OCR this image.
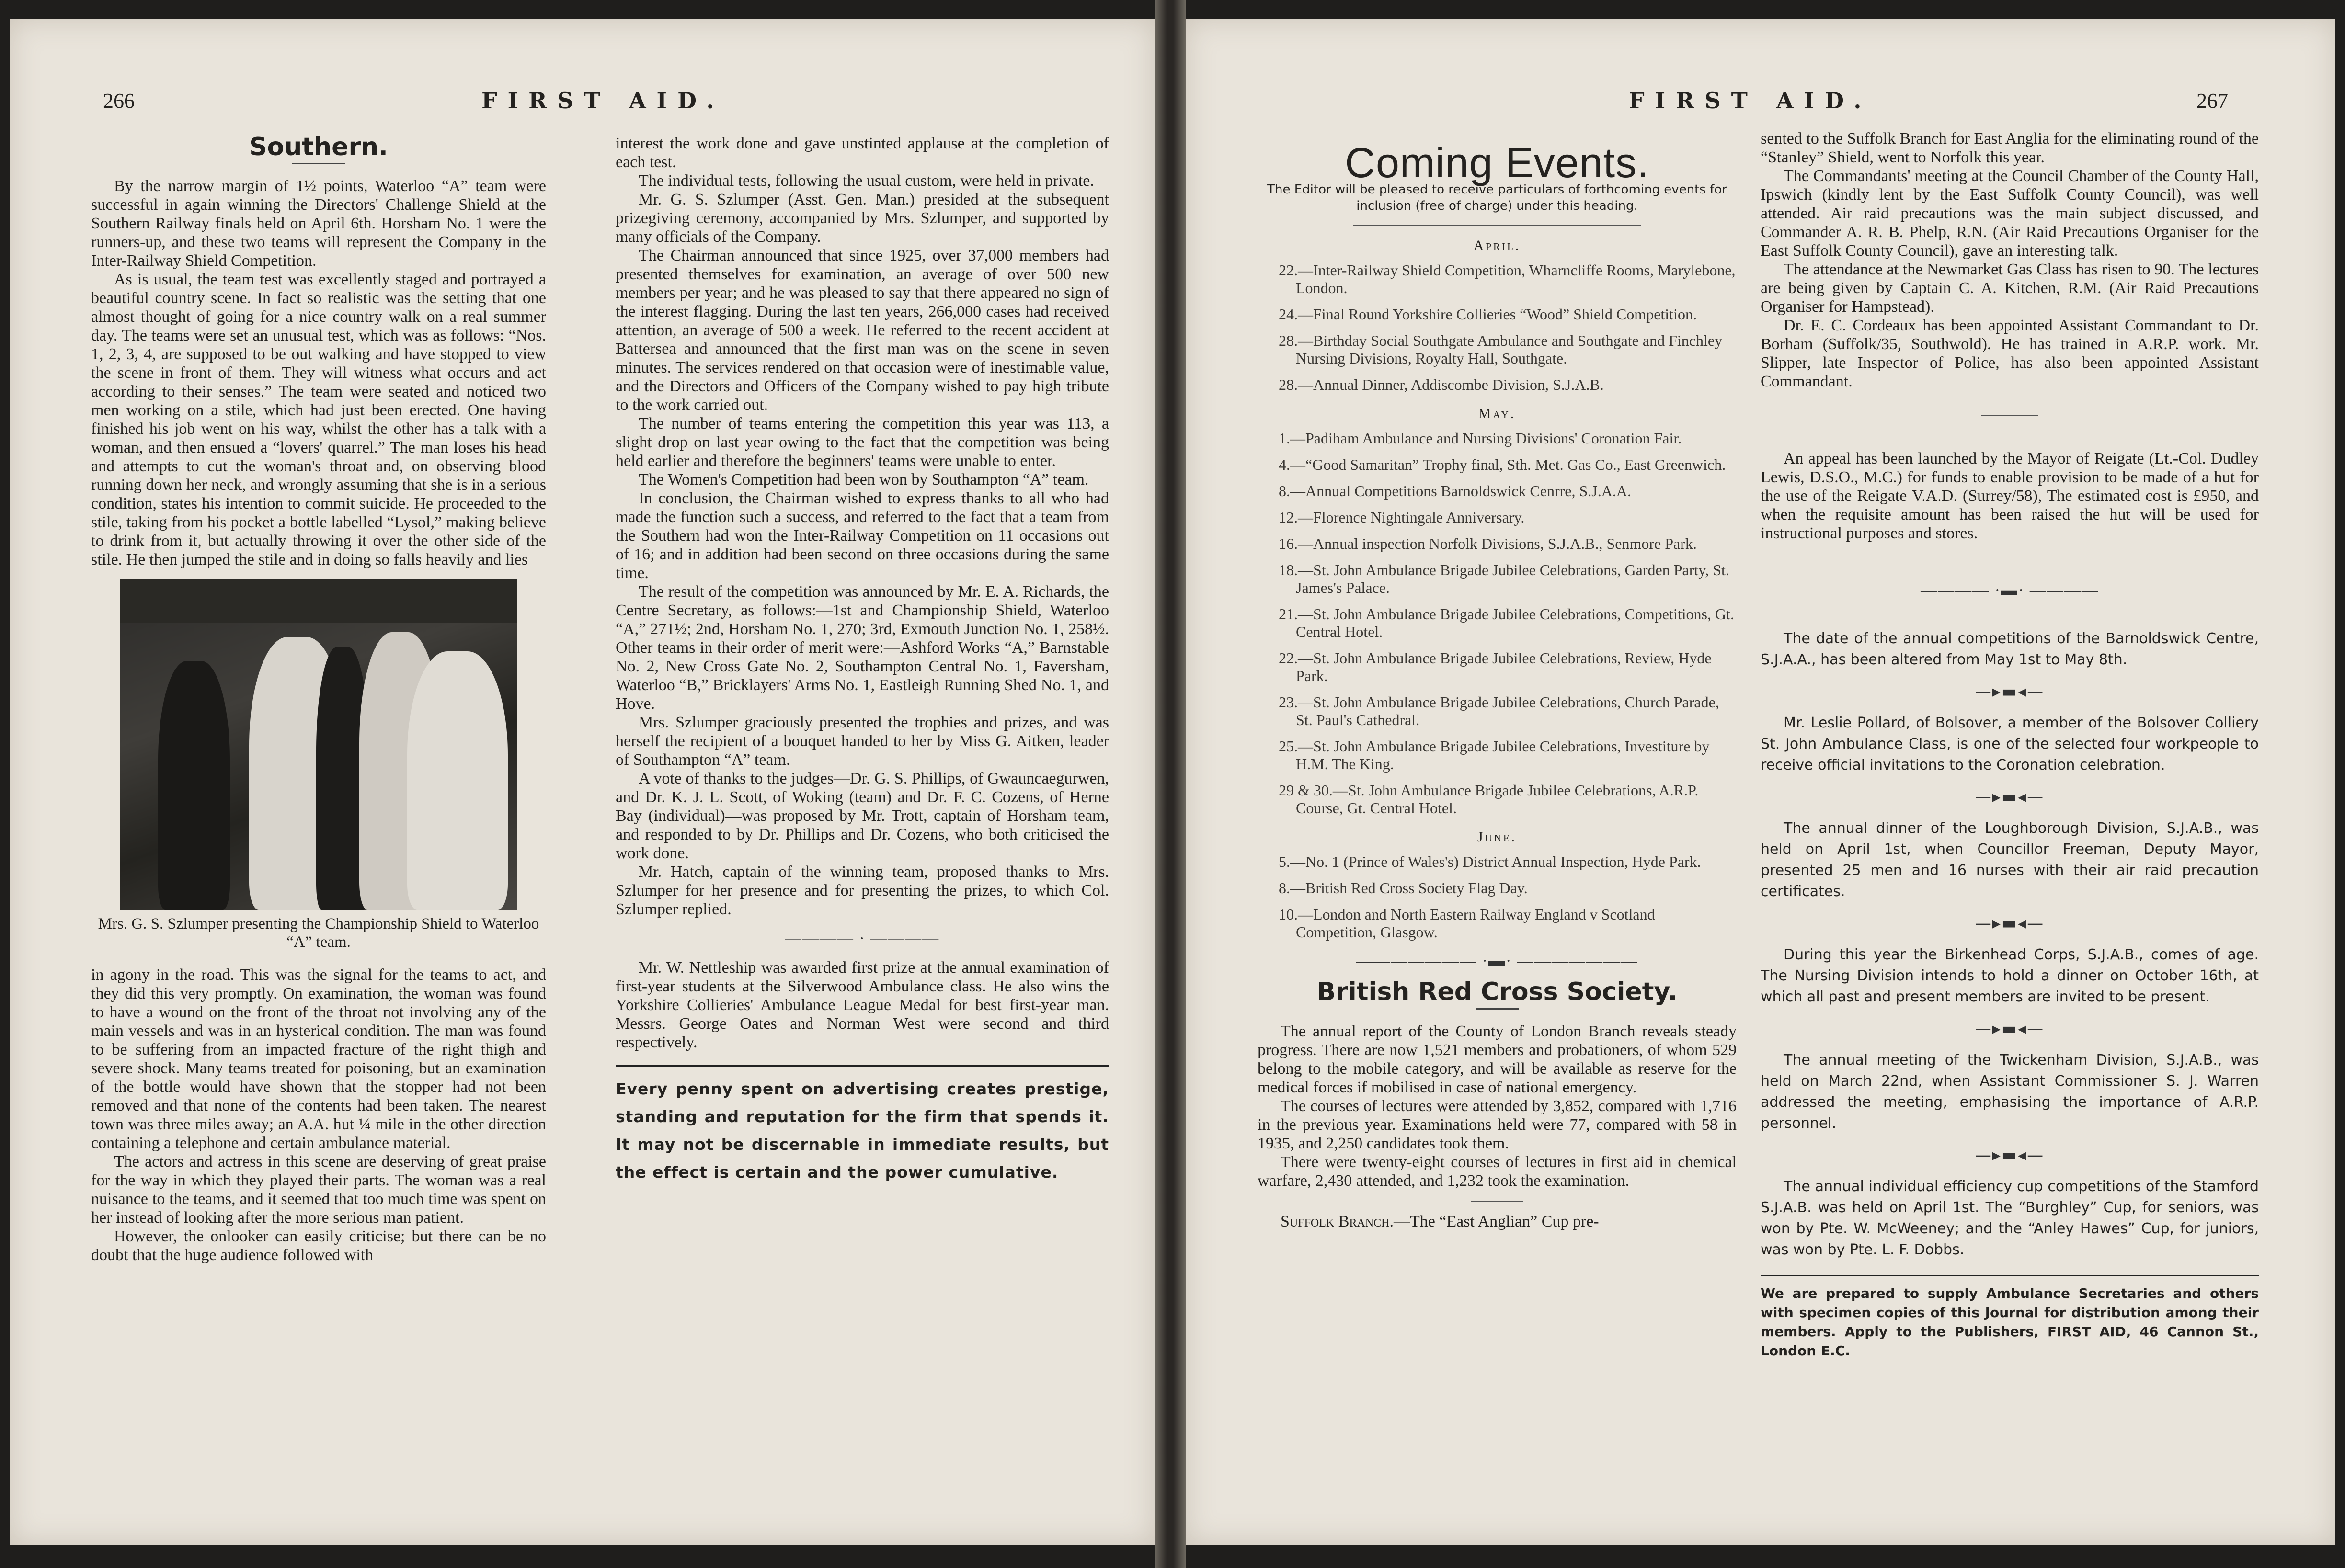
266	FIRST AID.
Southern.

By the narrow margin of 1½ points, Waterloo “A” team were successful in again winning the Directors' Challenge Shield at the Southern Railway finals held on April 6th. Horsham No. 1 were the runners-up, and these two teams will represent the Company in the Inter-Railway Shield Competition.

As is usual, the team test was excellently staged and portrayed a beautiful country scene. In fact so realistic was the setting that one almost thought of going for a nice country walk on a real summer day. The teams were set an unusual test, which was as follows: “Nos. 1, 2, 3, 4, are supposed to be out walking and have stopped to view the scene in front of them. They will witness what occurs and act according to their senses.” The team were seated and noticed two men working on a stile, which had just been erected. One having finished his job went on his way, whilst the other has a talk with a woman, and then ensued a “lovers' quarrel.” The man loses his head and attempts to cut the woman's throat and, on observing blood running down her neck, and wrongly assuming that she is in a serious condition, states his intention to commit suicide. He proceeded to the stile, taking from his pocket a bottle labelled “Lysol,” making believe to drink from it, but actually throwing it over the other side of the stile. He then jumped the stile and in doing so falls heavily and lies

Mrs. G. S. Szlumper presenting the Championship Shield to Waterloo “A” team.

in agony in the road. This was the signal for the teams to act, and they did this very promptly. On examination, the woman was found to have a wound on the front of the throat not involving any of the main vessels and was in an hysterical condition. The man was found to be suffering from an impacted fracture of the right thigh and severe shock. Many teams treated for poisoning, but an examination of the bottle would have shown that the stopper had not been removed and that none of the contents had been taken. The nearest town was three miles away; an A.A. hut ¼ mile in the other direction containing a telephone and certain ambulance material.

The actors and actress in this scene are deserving of great praise for the way in which they played their parts. The woman was a real nuisance to the teams, and it seemed that too much time was spent on her instead of looking after the more serious man patient.

However, the onlooker can easily criticise; but there can be no doubt that the huge audience followed with

interest the work done and gave unstinted applause at the completion of each test.

The individual tests, following the usual custom, were held in private.

Mr. G. S. Szlumper (Asst. Gen. Man.) presided at the subsequent prizegiving ceremony, accompanied by Mrs. Szlumper, and supported by many officials of the Company.

The Chairman announced that since 1925, over 37,000 members had presented themselves for examination, an average of over 500 new members per year; and he was pleased to say that there appeared no sign of the interest flagging. During the last ten years, 266,000 cases had received attention, an average of 500 a week. He referred to the recent accident at Battersea and announced that the first man was on the scene in seven minutes. The services rendered on that occasion were of inestimable value, and the Directors and Officers of the Company wished to pay high tribute to the work carried out.

The number of teams entering the competition this year was 113, a slight drop on last year owing to the fact that the competition was being held earlier and therefore the beginners' teams were unable to enter.

The Women's Competition had been won by Southampton “A” team.

In conclusion, the Chairman wished to express thanks to all who had made the function such a success, and referred to the fact that a team from the Southern had won the Inter-Railway Competition on 11 occasions out of 16; and in addition had been second on three occasions during the same time.

The result of the competition was announced by Mr. E. A. Richards, the Centre Secretary, as follows:—1st and Championship Shield, Waterloo “A,” 271½; 2nd, Horsham No. 1, 270; 3rd, Exmouth Junction No. 1, 258½. Other teams in their order of merit were:—Ashford Works “A,” Barnstable No. 2, New Cross Gate No. 2, Southampton Central No. 1, Faversham, Waterloo “B,” Bricklayers' Arms No. 1, Eastleigh Running Shed No. 1, and Hove.

Mrs. Szlumper graciously presented the trophies and prizes, and was herself the recipient of a bouquet handed to her by Miss G. Aitken, leader of Southampton “A” team.

A vote of thanks to the judges—Dr. G. S. Phillips, of Gwauncaegurwen, and Dr. K. J. L. Scott, of Woking (team) and Dr. F. C. Cozens, of Herne Bay (individual)—was proposed by Mr. Trott, captain of Horsham team, and responded to by Dr. Phillips and Dr. Cozens, who both criticised the work done.

Mr. Hatch, captain of the winning team, proposed thanks to Mrs. Szlumper for her presence and for presenting the prizes, to which Col. Szlumper replied.

―――― · ――――

Mr. W. Nettleship was awarded first prize at the annual examination of first-year students at the Silverwood Ambulance class. He also wins the Yorkshire Collieries' Ambulance League Medal for best first-year man. Messrs. George Oates and Norman West were second and third respectively.

Every penny spent on advertising creates prestige, standing and reputation for the firm that spends it. It may not be discernable in immediate results, but the effect is certain and the power cumulative.
FIRST AID.	267
Coming Events.
The Editor will be pleased to receive particulars of forthcoming events for inclusion (free of charge) under this heading.
April.
22.—Inter-Railway Shield Competition, Wharncliffe Rooms, Marylebone, London.
24.—Final Round Yorkshire Collieries “Wood” Shield Competition.
28.—Birthday Social Southgate Ambulance and Southgate and Finchley Nursing Divisions, Royalty Hall, Southgate.
28.—Annual Dinner, Addiscombe Division, S.J.A.B.
May.
1.—Padiham Ambulance and Nursing Divisions' Coronation Fair.
4.—“Good Samaritan” Trophy final, Sth. Met. Gas Co., East Greenwich.
8.—Annual Competitions Barnoldswick Cenrre, S.J.A.A.
12.—Florence Nightingale Anniversary.
16.—Annual inspection Norfolk Divisions, S.J.A.B., Senmore Park.
18.—St. John Ambulance Brigade Jubilee Celebrations, Garden Party, St. James's Palace.
21.—St. John Ambulance Brigade Jubilee Celebrations, Competitions, Gt. Central Hotel.
22.—St. John Ambulance Brigade Jubilee Celebrations, Review, Hyde Park.
23.—St. John Ambulance Brigade Jubilee Celebrations, Church Parade, St. Paul's Cathedral.
25.—St. John Ambulance Brigade Jubilee Celebrations, Investiture by H.M. The King.
29 & 30.—St. John Ambulance Brigade Jubilee Celebrations, A.R.P. Course, Gt. Central Hotel.
June.
5.—No. 1 (Prince of Wales's) District Annual Inspection, Hyde Park.
8.—British Red Cross Society Flag Day.
10.—London and North Eastern Railway England v Scotland Competition, Glasgow.
――――――― ·▬· ―――――――
British Red Cross Society.

The annual report of the County of London Branch reveals steady progress. There are now 1,521 members and probationers, of whom 529 belong to the mobile category, and will be available as reserve for the medical forces if mobilised in case of national emergency.

The courses of lectures were attended by 3,852, compared with 1,716 in the previous year. Examinations held were 77, compared with 58 in 1935, and 2,250 candidates took them.

There were twenty-eight courses of lectures in first aid in chemical warfare, 2,430 attended, and 1,232 took the examination.

Suffolk Branch.—The “East Anglian” Cup pre-

sented to the Suffolk Branch for East Anglia for the eliminating round of the “Stanley” Shield, went to Norfolk this year.

The Commandants' meeting at the Council Chamber of the County Hall, Ipswich (kindly lent by the East Suffolk County Council), was well attended. Air raid precautions was the main subject discussed, and Commander A. R. B. Phelp, R.N. (Air Raid Precautions Organiser for the East Suffolk County Council), gave an interesting talk.

The attendance at the Newmarket Gas Class has risen to 90. The lectures are being given by Captain C. A. Kitchen, R.M. (Air Raid Precautions Organiser for Hampstead).

Dr. E. C. Cordeaux has been appointed Assistant Commandant to Dr. Borham (Suffolk/35, Southwold). He has trained in A.R.P. work. Mr. Slipper, late Inspector of Police, has also been appointed Assistant Commandant.

An appeal has been launched by the Mayor of Reigate (Lt.-Col. Dudley Lewis, D.S.O., M.C.) for funds to enable provision to be made of a hut for the use of the Reigate V.A.D. (Surrey/58), The estimated cost is £950, and when the requisite amount has been raised the hut will be used for instructional purposes and stores.

―――― ·▬· ――――

The date of the annual competitions of the Barnoldswick Centre, S.J.A.A., has been altered from May 1st to May 8th.

—▸▬◂—

Mr. Leslie Pollard, of Bolsover, a member of the Bolsover Colliery St. John Ambulance Class, is one of the selected four workpeople to receive official invitations to the Coronation celebration.

—▸▬◂—

The annual dinner of the Loughborough Division, S.J.A.B., was held on April 1st, when Councillor Freeman, Deputy Mayor, presented 25 men and 16 nurses with their air raid precaution certificates.

—▸▬◂—

During this year the Birkenhead Corps, S.J.A.B., comes of age. The Nursing Division intends to hold a dinner on October 16th, at which all past and present members are invited to be present.

—▸▬◂—

The annual meeting of the Twickenham Division, S.J.A.B., was held on March 22nd, when Assistant Commissioner S. J. Warren addressed the meeting, emphasising the importance of A.R.P. personnel.

—▸▬◂—

The annual individual efficiency cup competitions of the Stamford S.J.A.B. was held on April 1st. The “Burghley” Cup, for seniors, was won by Pte. W. McWeeney; and the “Anley Hawes” Cup, for juniors, was won by Pte. L. F. Dobbs.

We are prepared to supply Ambulance Secretaries and others with specimen copies of this Journal for distribution among their members. Apply to the Publishers, FIRST AID, 46 Cannon St., London E.C.
